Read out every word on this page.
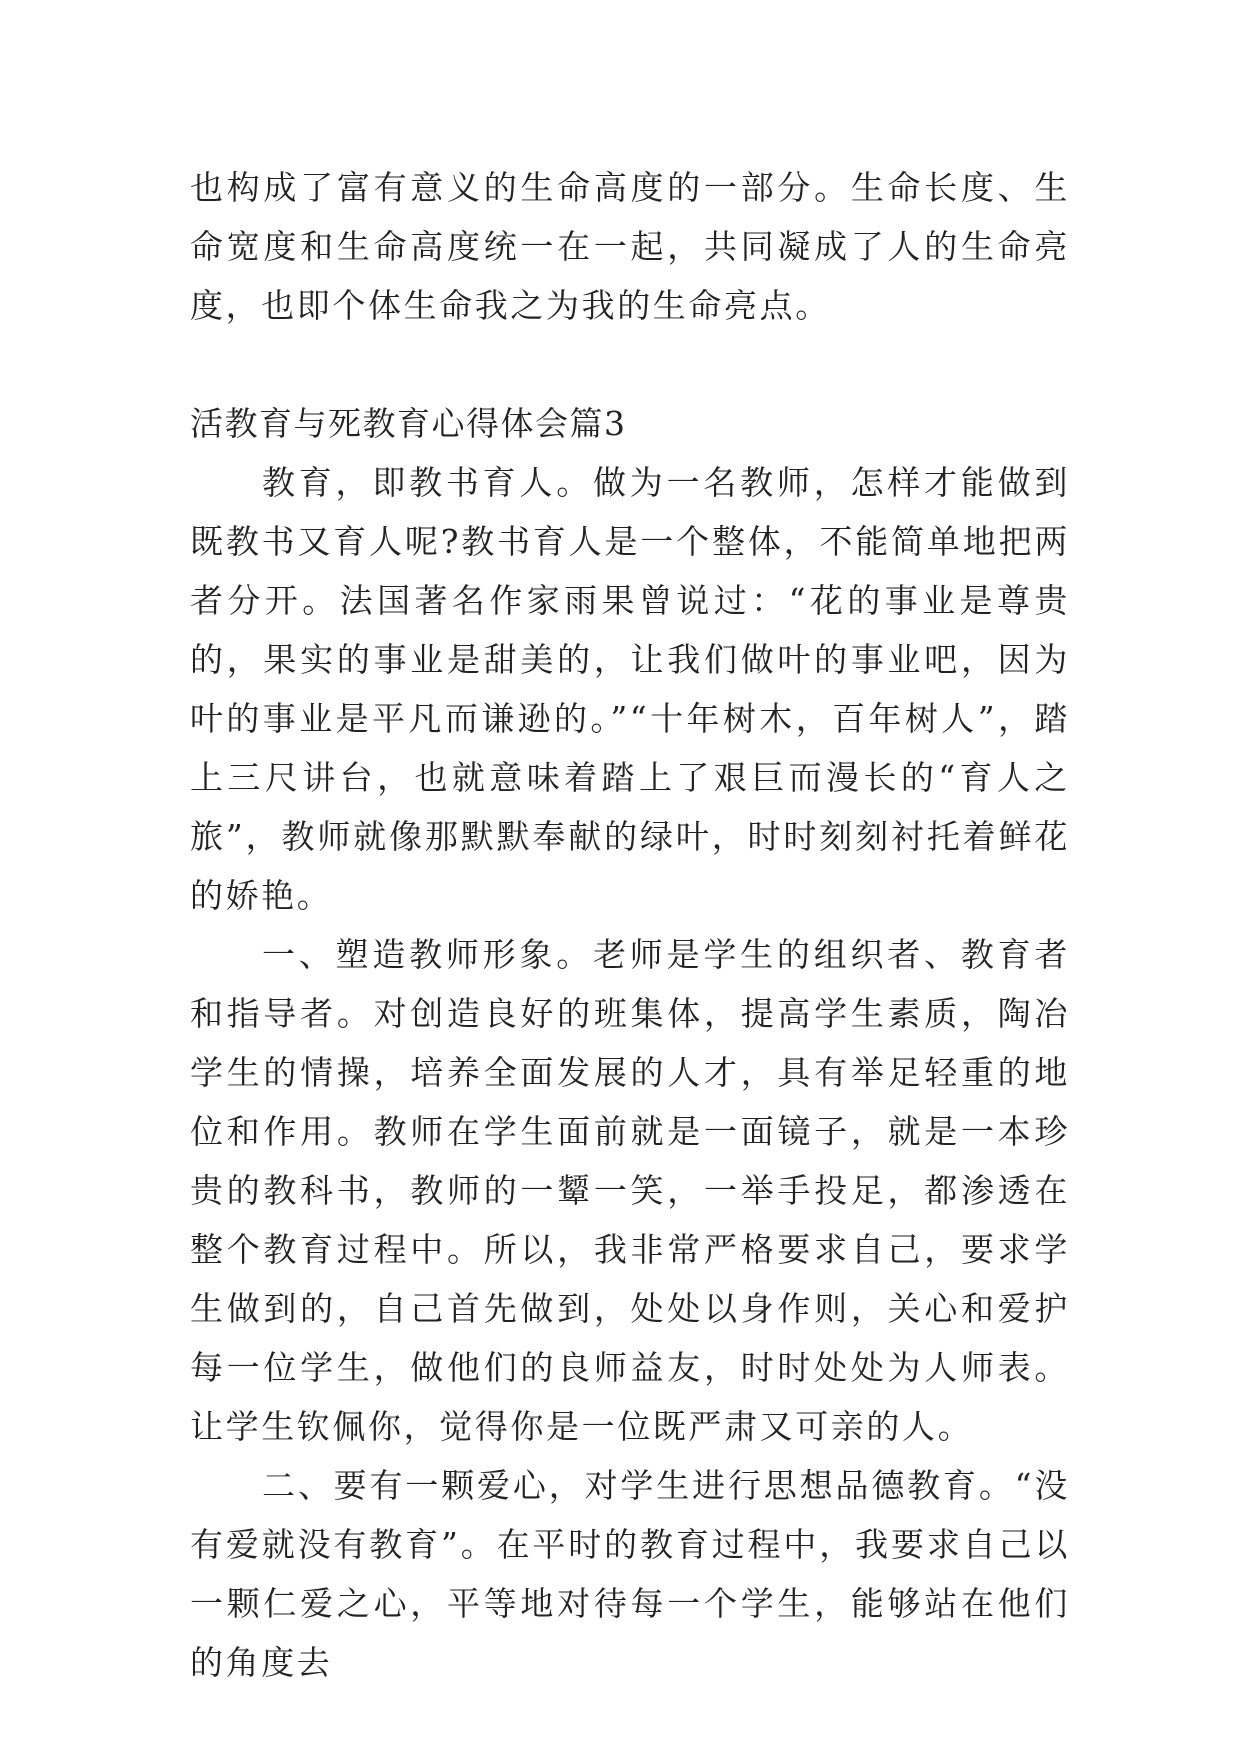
也构成了富有意义的生命高度的一部分。生命长度、生命宽度和生命高度统一在一起，共同凝成了人的生命亮度，也即个体生命我之为我的生命亮点。

活教育与死教育心得体会篇3

教育，即教书育人。做为一名教师，怎样才能做到既教书又育人呢?教书育人是一个整体，不能简单地把两者分开。法国著名作家雨果曾说过：“花的事业是尊贵的，果实的事业是甜美的，让我们做叶的事业吧，因为叶的事业是平凡而谦逊的。”“十年树木，百年树人”，踏上三尺讲台，也就意味着踏上了艰巨而漫长的“育人之旅”，教师就像那默默奉献的绿叶，时时刻刻衬托着鲜花的娇艳。

一、塑造教师形象。老师是学生的组织者、教育者和指导者。对创造良好的班集体，提高学生素质，陶冶学生的情操，培养全面发展的人才，具有举足轻重的地位和作用。教师在学生面前就是一面镜子，就是一本珍贵的教科书，教师的一颦一笑，一举手投足，都渗透在整个教育过程中。所以，我非常严格要求自己，要求学生做到的，自己首先做到，处处以身作则，关心和爱护每一位学生，做他们的良师益友，时时处处为人师表。让学生钦佩你，觉得你是一位既严肃又可亲的人。

二、要有一颗爱心，对学生进行思想品德教育。“没有爱就没有教育”。在平时的教育过程中，我要求自己以一颗仁爱之心，平等地对待每一个学生，能够站在他们的角度去
